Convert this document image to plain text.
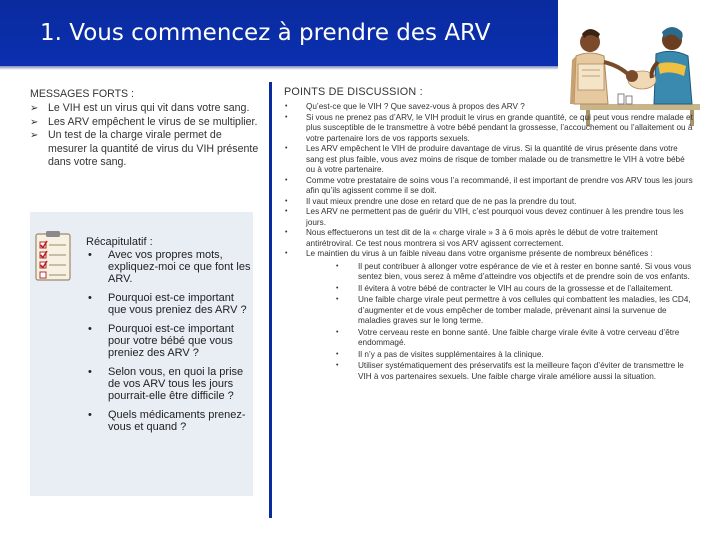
1. Vous commencez à prendre des ARV
MESSAGES FORTS :
➢ Le VIH est un virus qui vit dans votre sang.
➢ Les ARV empêchent le virus de se multiplier.
➢ Un test de la charge virale permet de mesurer la quantité de virus du VIH présente dans votre sang.
Récapitulatif :
• Avec vos propres mots, expliquez-moi ce que font les ARV.
• Pourquoi est-ce important que vous preniez des ARV ?
• Pourquoi est-ce important pour votre bébé que vous preniez des ARV ?
• Selon vous, en quoi la prise de vos ARV tous les jours pourrait-elle être difficile ?
• Quels médicaments prenez-vous et quand ?
POINTS DE DISCUSSION :
• Qu’est-ce que le VIH ? Que savez-vous à propos des ARV ?
• Si vous ne prenez pas d’ARV, le VIH produit le virus en grande quantité, ce qui peut vous rendre malade et plus susceptible de le transmettre à votre bébé pendant la grossesse, l’accouchement ou l’allaitement ou à votre partenaire lors de vos rapports sexuels.
• Les ARV empêchent le VIH de produire davantage de virus. Si la quantité de virus présente dans votre sang est plus faible, vous avez moins de risque de tomber malade ou de transmettre le VIH à votre bébé ou à votre partenaire.
• Comme votre prestataire de soins vous l’a recommandé, il est important de prendre vos ARV tous les jours afin qu’ils agissent comme il se doit.
• Il vaut mieux prendre une dose en retard que de ne pas la prendre du tout.
• Les ARV ne permettent pas de guérir du VIH, c’est pourquoi vous devez continuer à les prendre tous les jours.
• Nous effectuerons un test dit de la « charge virale » 3 à 6 mois après le début de votre traitement antirétroviral. Ce test nous montrera si vos ARV agissent correctement.
• Le maintien du virus à un faible niveau dans votre organisme présente de nombreux bénéfices :
• Il peut contribuer à allonger votre espérance de vie et à rester en bonne santé. Si vous vous sentez bien, vous serez à même d’atteindre vos objectifs et de prendre soin de vos enfants.
• Il évitera à votre bébé de contracter le VIH au cours de la grossesse et de l’allaitement.
• Une faible charge virale peut permettre à vos cellules qui combattent les maladies, les CD4, d’augmenter et de vous empêcher de tomber malade, prévenant ainsi la survenue de maladies graves sur le long terme.
• Votre cerveau reste en bonne santé. Une faible charge virale évite à votre cerveau d’être endommagé.
• Il n’y a pas de visites supplémentaires à la clinique.
• Utiliser systématiquement des préservatifs est la meilleure façon d’éviter de transmettre le VIH à vos partenaires sexuels. Une faible charge virale améliore aussi la situation.
